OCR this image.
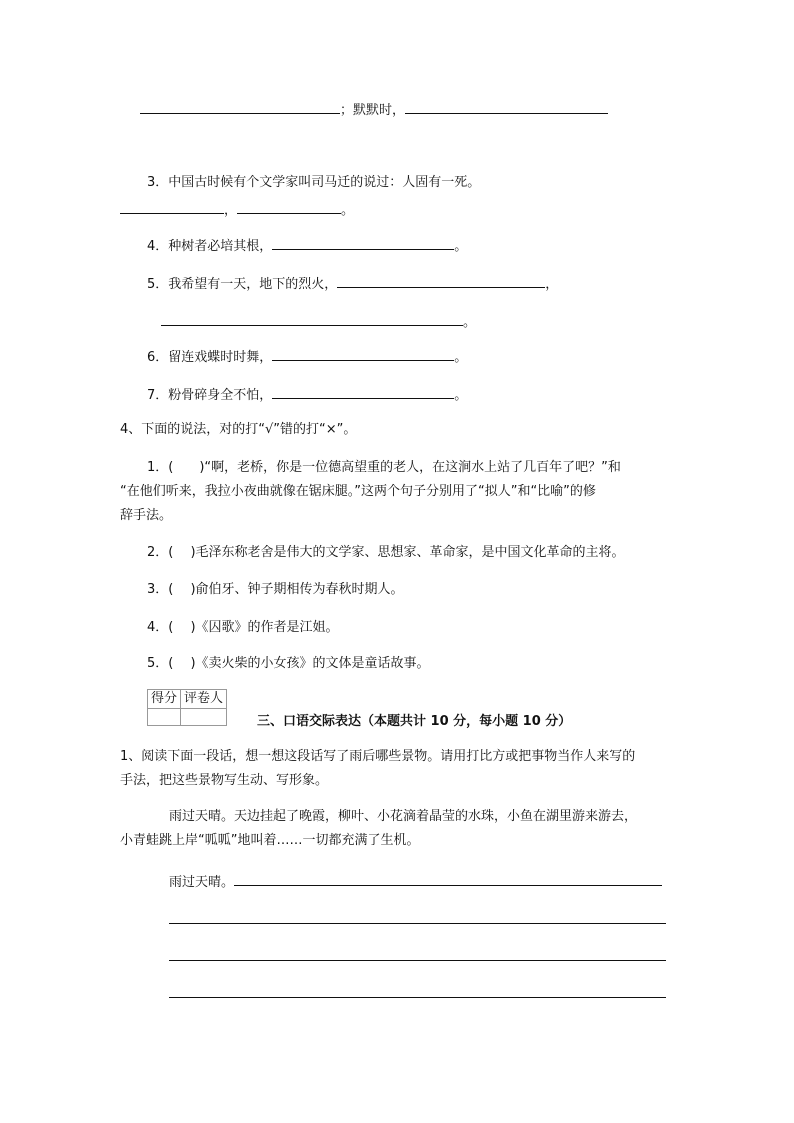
；默默时，
3．中国古时候有个文学家叫司马迁的说过：人固有一死。
，	。
4．种树者必培其根，	。
5．我希望有一天，地下的烈火，	，
。
6．留连戏蝶时时舞，	。
7．粉骨碎身全不怕，	。
4、下面的说法，对的打“√”错的打“×”。
1．(　　)“啊，老桥，你是一位德高望重的老人，在这涧水上站了几百年了吧？”和
“在他们听来，我拉小夜曲就像在锯床腿。”这两个句子分别用了“拟人”和“比喻”的修
辞手法。
2．(　 )毛泽东称老舍是伟大的文学家、思想家、革命家，是中国文化革命的主将。
3．(　 )俞伯牙、钟子期相传为春秋时期人。
4．(　 )《囚歌》的作者是江姐。
5．(　 )《卖火柴的小女孩》的文体是童话故事。
得分	评卷人

三、口语交际表达（本题共计 10 分，每小题 10 分）
1、阅读下面一段话，想一想这段话写了雨后哪些景物。请用打比方或把事物当作人来写的
手法，把这些景物写生动、写形象。
雨过天晴。天边挂起了晚霞，柳叶、小花滴着晶莹的水珠，小鱼在湖里游来游去，
小青蛙跳上岸“呱呱”地叫着……一切都充满了生机。
雨过天晴。
